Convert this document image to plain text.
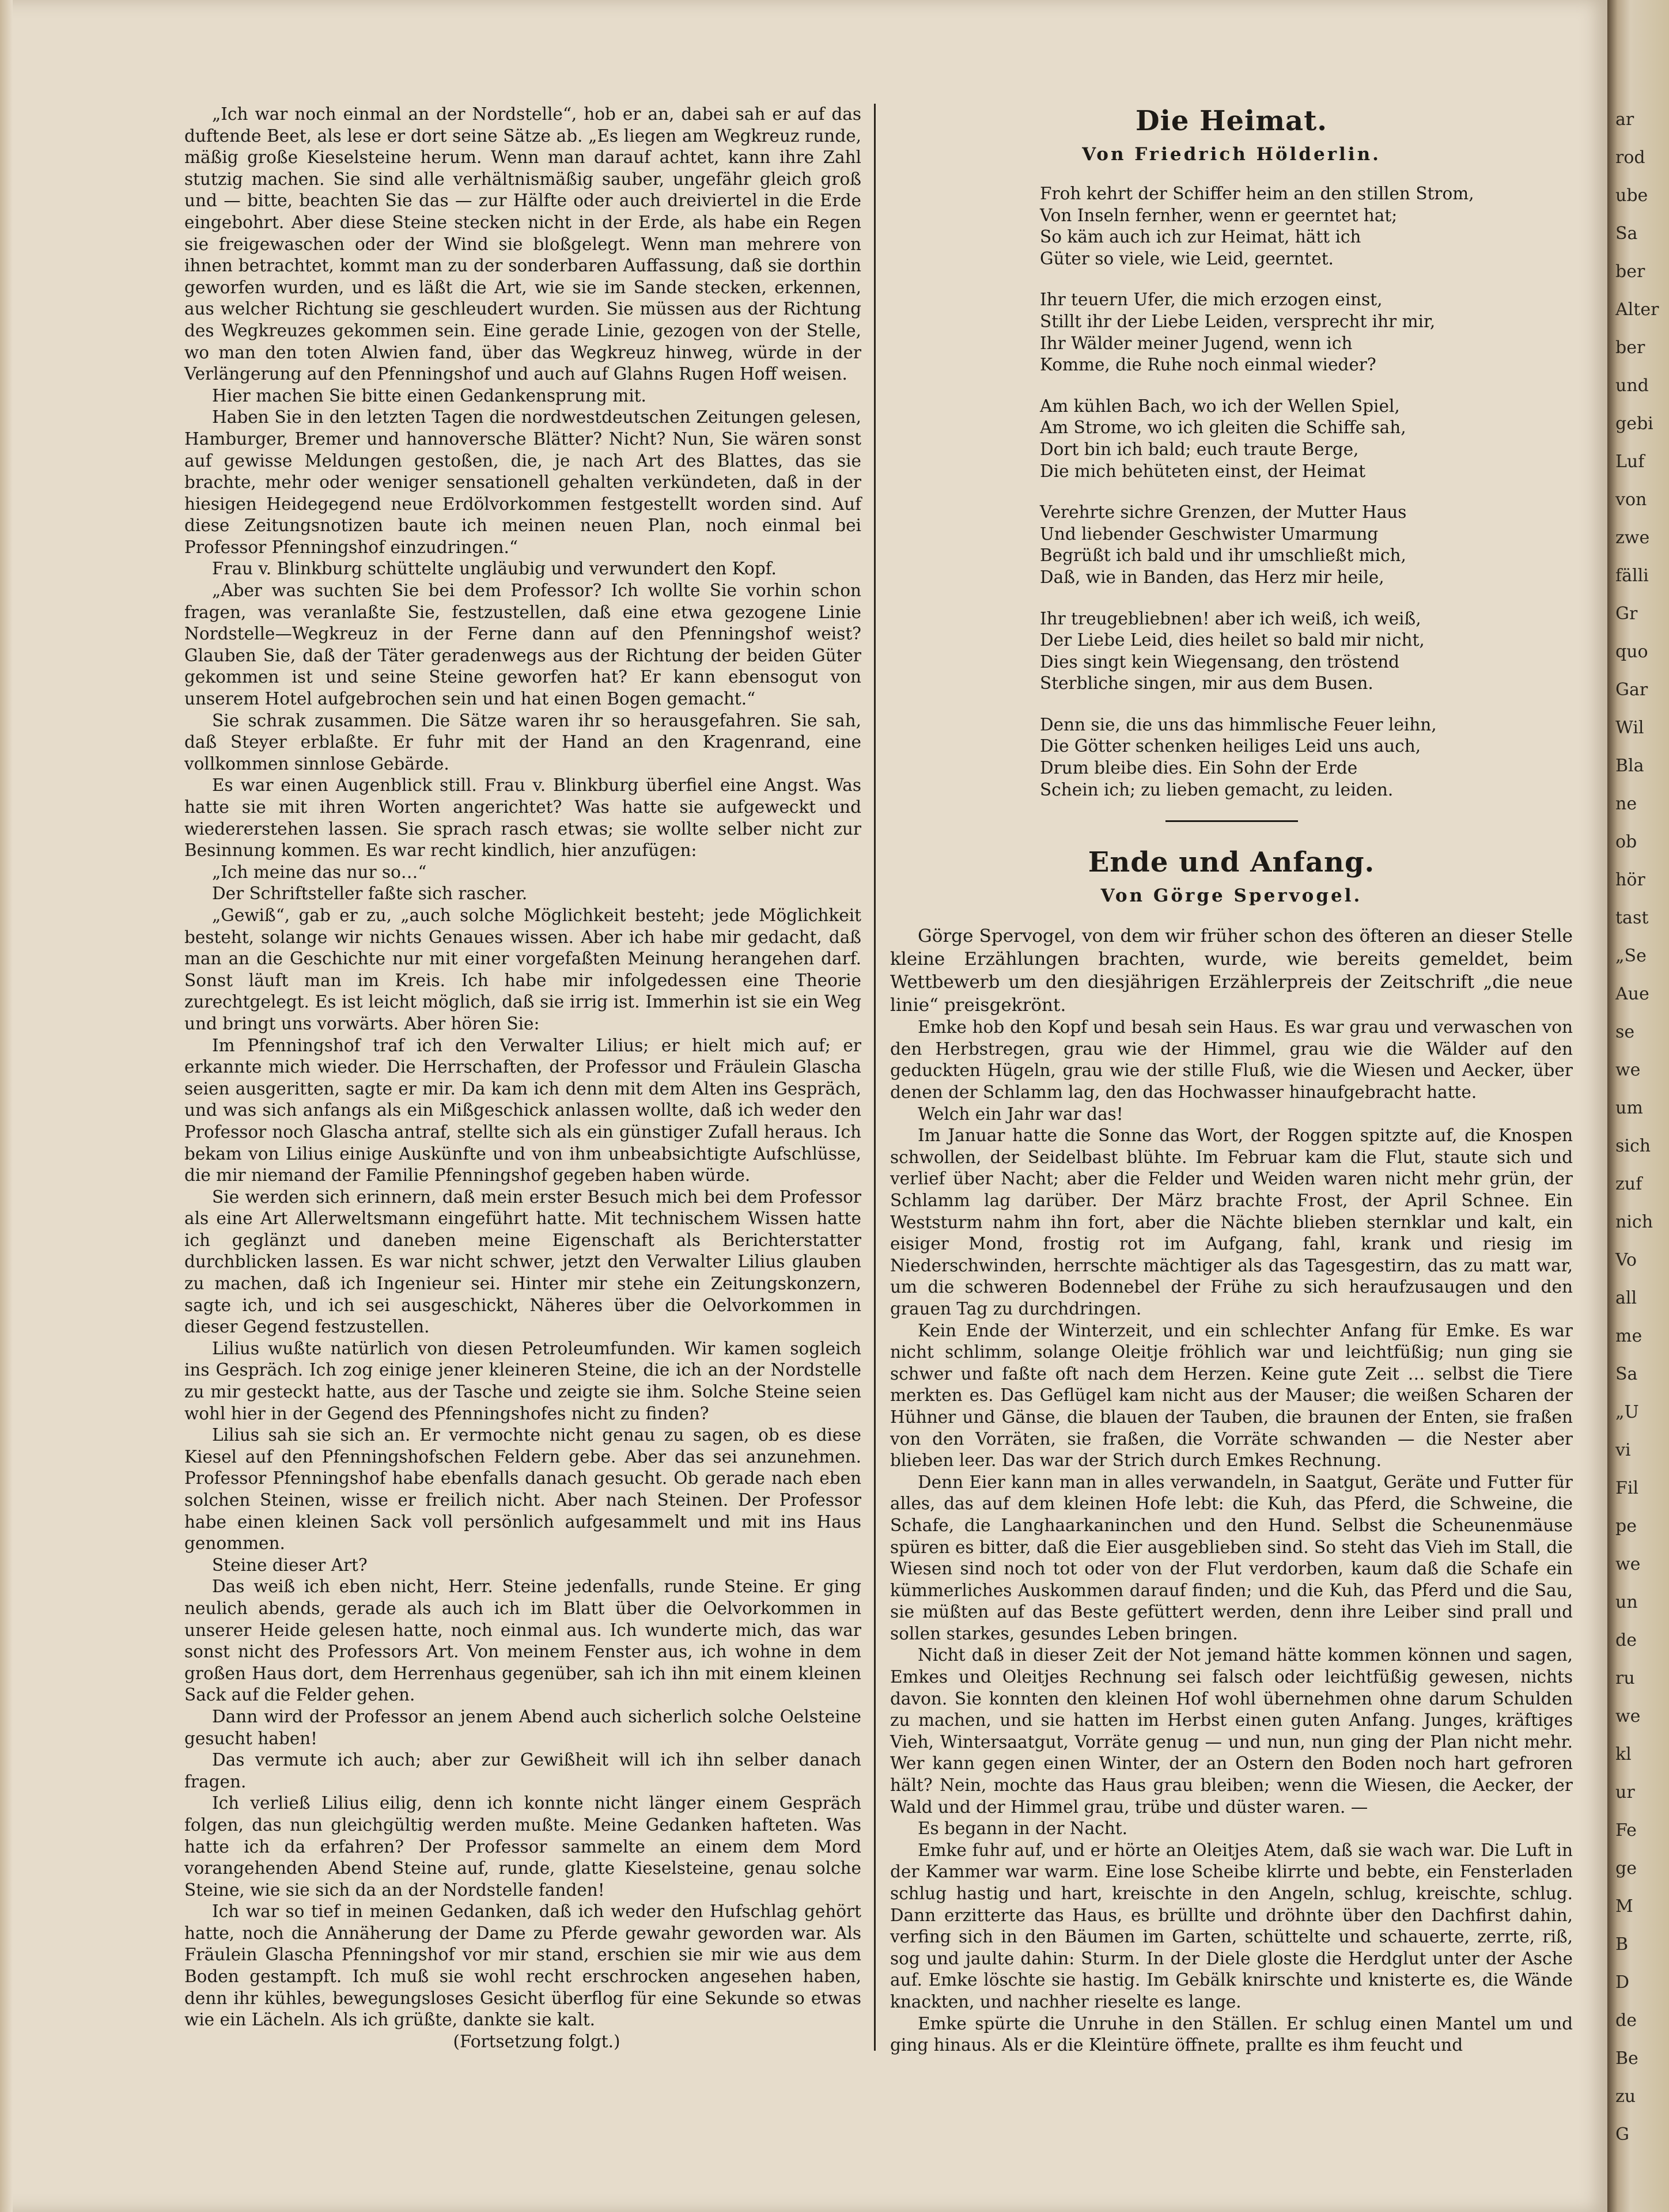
„Ich war noch einmal an der Nordstelle“, hob er an, dabei sah er auf das duftende Beet, als lese er dort seine Sätze ab. „Es liegen am Wegkreuz runde, mäßig große Kieselsteine herum. Wenn man darauf achtet, kann ihre Zahl stutzig machen. Sie sind alle verhältnismäßig sauber, ungefähr gleich groß und — bitte, beachten Sie das — zur Hälfte oder auch dreiviertel in die Erde eingebohrt. Aber diese Steine stecken nicht in der Erde, als habe ein Regen sie freigewaschen oder der Wind sie bloßgelegt. Wenn man mehrere von ihnen betrachtet, kommt man zu der sonderbaren Auffassung, daß sie dorthin geworfen wurden, und es läßt die Art, wie sie im Sande stecken, erkennen, aus welcher Richtung sie geschleudert wurden. Sie müssen aus der Richtung des Wegkreuzes gekommen sein. Eine gerade Linie, gezogen von der Stelle, wo man den toten Alwien fand, über das Wegkreuz hinweg, würde in der Verlängerung auf den Pfenningshof und auch auf Glahns Rugen Hoff weisen.

Hier machen Sie bitte einen Gedankensprung mit.

Haben Sie in den letzten Tagen die nordwestdeutschen Zeitungen gelesen, Hamburger, Bremer und hannoversche Blätter? Nicht? Nun, Sie wären sonst auf gewisse Meldungen gestoßen, die, je nach Art des Blattes, das sie brachte, mehr oder weniger sensationell gehalten verkündeten, daß in der hiesigen Heidegegend neue Erdölvorkommen festgestellt worden sind. Auf diese Zeitungsnotizen baute ich meinen neuen Plan, noch einmal bei Professor Pfenningshof einzudringen.“

Frau v. Blinkburg schüttelte ungläubig und verwundert den Kopf.

„Aber was suchten Sie bei dem Professor? Ich wollte Sie vorhin schon fragen, was veranlaßte Sie, festzustellen, daß eine etwa gezogene Linie Nordstelle—Wegkreuz in der Ferne dann auf den Pfenningshof weist? Glauben Sie, daß der Täter geradenwegs aus der Richtung der beiden Güter gekommen ist und seine Steine geworfen hat? Er kann ebensogut von unserem Hotel aufgebrochen sein und hat einen Bogen gemacht.“

Sie schrak zusammen. Die Sätze waren ihr so herausgefahren. Sie sah, daß Steyer erblaßte. Er fuhr mit der Hand an den Kragenrand, eine vollkommen sinnlose Gebärde.

Es war einen Augenblick still. Frau v. Blinkburg überfiel eine Angst. Was hatte sie mit ihren Worten angerichtet? Was hatte sie aufgeweckt und wiedererstehen lassen. Sie sprach rasch etwas; sie wollte selber nicht zur Besinnung kommen. Es war recht kindlich, hier anzufügen:

„Ich meine das nur so…“

Der Schriftsteller faßte sich rascher.

„Gewiß“, gab er zu, „auch solche Möglichkeit besteht; jede Möglichkeit besteht, solange wir nichts Genaues wissen. Aber ich habe mir gedacht, daß man an die Geschichte nur mit einer vorgefaßten Meinung herangehen darf. Sonst läuft man im Kreis. Ich habe mir infolgedessen eine Theorie zurechtgelegt. Es ist leicht möglich, daß sie irrig ist. Immerhin ist sie ein Weg und bringt uns vorwärts. Aber hören Sie:

Im Pfenningshof traf ich den Verwalter Lilius; er hielt mich auf; er erkannte mich wieder. Die Herrschaften, der Professor und Fräulein Glascha seien ausgeritten, sagte er mir. Da kam ich denn mit dem Alten ins Gespräch, und was sich anfangs als ein Mißgeschick anlassen wollte, daß ich weder den Professor noch Glascha antraf, stellte sich als ein günstiger Zufall heraus. Ich bekam von Lilius einige Auskünfte und von ihm unbeabsichtigte Aufschlüsse, die mir niemand der Familie Pfenningshof gegeben haben würde.

Sie werden sich erinnern, daß mein erster Besuch mich bei dem Professor als eine Art Allerweltsmann eingeführt hatte. Mit technischem Wissen hatte ich geglänzt und daneben meine Eigenschaft als Berichterstatter durchblicken lassen. Es war nicht schwer, jetzt den Verwalter Lilius glauben zu machen, daß ich Ingenieur sei. Hinter mir stehe ein Zeitungskonzern, sagte ich, und ich sei ausgeschickt, Näheres über die Oelvorkommen in dieser Gegend festzustellen.

Lilius wußte natürlich von diesen Petroleumfunden. Wir kamen sogleich ins Gespräch. Ich zog einige jener kleineren Steine, die ich an der Nordstelle zu mir gesteckt hatte, aus der Tasche und zeigte sie ihm. Solche Steine seien wohl hier in der Gegend des Pfenningshofes nicht zu finden?

Lilius sah sie sich an. Er vermochte nicht genau zu sagen, ob es diese Kiesel auf den Pfenningshofschen Feldern gebe. Aber das sei anzunehmen. Professor Pfenningshof habe ebenfalls danach gesucht. Ob gerade nach eben solchen Steinen, wisse er freilich nicht. Aber nach Steinen. Der Professor habe einen kleinen Sack voll persönlich aufgesammelt und mit ins Haus genommen.

Steine dieser Art?

Das weiß ich eben nicht, Herr. Steine jedenfalls, runde Steine. Er ging neulich abends, gerade als auch ich im Blatt über die Oelvorkommen in unserer Heide gelesen hatte, noch einmal aus. Ich wunderte mich, das war sonst nicht des Professors Art. Von meinem Fenster aus, ich wohne in dem großen Haus dort, dem Herrenhaus gegenüber, sah ich ihn mit einem kleinen Sack auf die Felder gehen.

Dann wird der Professor an jenem Abend auch sicherlich solche Oelsteine gesucht haben!

Das vermute ich auch; aber zur Gewißheit will ich ihn selber danach fragen.

Ich verließ Lilius eilig, denn ich konnte nicht länger einem Gespräch folgen, das nun gleichgültig werden mußte. Meine Gedanken hafteten. Was hatte ich da erfahren? Der Professor sammelte an einem dem Mord vorangehenden Abend Steine auf, runde, glatte Kieselsteine, genau solche Steine, wie sie sich da an der Nordstelle fanden!

Ich war so tief in meinen Gedanken, daß ich weder den Hufschlag gehört hatte, noch die Annäherung der Dame zu Pferde gewahr geworden war. Als Fräulein Glascha Pfenningshof vor mir stand, erschien sie mir wie aus dem Boden gestampft. Ich muß sie wohl recht erschrocken angesehen haben, denn ihr kühles, bewegungsloses Gesicht überflog für eine Sekunde so etwas wie ein Lächeln. Als ich grüßte, dankte sie kalt.

(Fortsetzung folgt.)

Die Heimat.
Von Friedrich Hölderlin.
Froh kehrt der Schiffer heim an den stillen Strom,
Von Inseln fernher, wenn er geerntet hat;
So käm auch ich zur Heimat, hätt ich
Güter so viele, wie Leid, geerntet.
Ihr teuern Ufer, die mich erzogen einst,
Stillt ihr der Liebe Leiden, versprecht ihr mir,
Ihr Wälder meiner Jugend, wenn ich
Komme, die Ruhe noch einmal wieder?
Am kühlen Bach, wo ich der Wellen Spiel,
Am Strome, wo ich gleiten die Schiffe sah,
Dort bin ich bald; euch traute Berge,
Die mich behüteten einst, der Heimat
Verehrte sichre Grenzen, der Mutter Haus
Und liebender Geschwister Umarmung
Begrüßt ich bald und ihr umschließt mich,
Daß, wie in Banden, das Herz mir heile,
Ihr treugebliebnen! aber ich weiß, ich weiß,
Der Liebe Leid, dies heilet so bald mir nicht,
Dies singt kein Wiegensang, den tröstend
Sterbliche singen, mir aus dem Busen.
Denn sie, die uns das himmlische Feuer leihn,
Die Götter schenken heiliges Leid uns auch,
Drum bleibe dies. Ein Sohn der Erde
Schein ich; zu lieben gemacht, zu leiden.
Ende und Anfang.
Von Görge Spervogel.

Görge Spervogel, von dem wir früher schon des öfteren an dieser Stelle kleine Erzählungen brachten, wurde, wie bereits gemeldet, beim Wettbewerb um den diesjährigen Erzählerpreis der Zeitschrift „die neue linie“ preisgekrönt.

Emke hob den Kopf und besah sein Haus. Es war grau und verwaschen von den Herbstregen, grau wie der Himmel, grau wie die Wälder auf den geduckten Hügeln, grau wie der stille Fluß, wie die Wiesen und Aecker, über denen der Schlamm lag, den das Hochwasser hinaufgebracht hatte.

Welch ein Jahr war das!

Im Januar hatte die Sonne das Wort, der Roggen spitzte auf, die Knospen schwollen, der Seidelbast blühte. Im Februar kam die Flut, staute sich und verlief über Nacht; aber die Felder und Weiden waren nicht mehr grün, der Schlamm lag darüber. Der März brachte Frost, der April Schnee. Ein Weststurm nahm ihn fort, aber die Nächte blieben sternklar und kalt, ein eisiger Mond, frostig rot im Aufgang, fahl, krank und riesig im Niederschwinden, herrschte mächtiger als das Tagesgestirn, das zu matt war, um die schweren Bodennebel der Frühe zu sich heraufzusaugen und den grauen Tag zu durchdringen.

Kein Ende der Winterzeit, und ein schlechter Anfang für Emke. Es war nicht schlimm, solange Oleitje fröhlich war und leichtfüßig; nun ging sie schwer und faßte oft nach dem Herzen. Keine gute Zeit … selbst die Tiere merkten es. Das Geflügel kam nicht aus der Mauser; die weißen Scharen der Hühner und Gänse, die blauen der Tauben, die braunen der Enten, sie fraßen von den Vorräten, sie fraßen, die Vorräte schwanden — die Nester aber blieben leer. Das war der Strich durch Emkes Rechnung.

Denn Eier kann man in alles verwandeln, in Saatgut, Geräte und Futter für alles, das auf dem kleinen Hofe lebt: die Kuh, das Pferd, die Schweine, die Schafe, die Langhaarkaninchen und den Hund. Selbst die Scheunenmäuse spüren es bitter, daß die Eier ausgeblieben sind. So steht das Vieh im Stall, die Wiesen sind noch tot oder von der Flut verdorben, kaum daß die Schafe ein kümmerliches Auskommen darauf finden; und die Kuh, das Pferd und die Sau, sie müßten auf das Beste gefüttert werden, denn ihre Leiber sind prall und sollen starkes, gesundes Leben bringen.

Nicht daß in dieser Zeit der Not jemand hätte kommen können und sagen, Emkes und Oleitjes Rechnung sei falsch oder leichtfüßig gewesen, nichts davon. Sie konnten den kleinen Hof wohl übernehmen ohne darum Schulden zu machen, und sie hatten im Herbst einen guten Anfang. Junges, kräftiges Vieh, Wintersaatgut, Vorräte genug — und nun, nun ging der Plan nicht mehr. Wer kann gegen einen Winter, der an Ostern den Boden noch hart gefroren hält? Nein, mochte das Haus grau bleiben; wenn die Wiesen, die Aecker, der Wald und der Himmel grau, trübe und düster waren. —

Es begann in der Nacht.

Emke fuhr auf, und er hörte an Oleitjes Atem, daß sie wach war. Die Luft in der Kammer war warm. Eine lose Scheibe klirrte und bebte, ein Fensterladen schlug hastig und hart, kreischte in den Angeln, schlug, kreischte, schlug. Dann erzitterte das Haus, es brüllte und dröhnte über den Dachfirst dahin, verfing sich in den Bäumen im Garten, schüttelte und schauerte, zerrte, riß, sog und jaulte dahin: Sturm. In der Diele gloste die Herdglut unter der Asche auf. Emke löschte sie hastig. Im Gebälk knirschte und knisterte es, die Wände knackten, und nachher rieselte es lange.

Emke spürte die Unruhe in den Ställen. Er schlug einen Mantel um und ging hinaus. Als er die Kleintüre öffnete, prallte es ihm feucht und

ar
rod
ube
Sa
ber
Alter
ber
und
gebi
Luf
von
zwe
fälli
Gr
quo
Gar
Wil
Bla
ne
ob
hör
tast
„Se
Aue
se
we
um
sich
zuf
nich
Vo
all
me
Sa
„U
vi
Fil
pe
we
un
de
ru
we
kl
ur
Fe
ge
M
B
D
de
Be
zu
G
